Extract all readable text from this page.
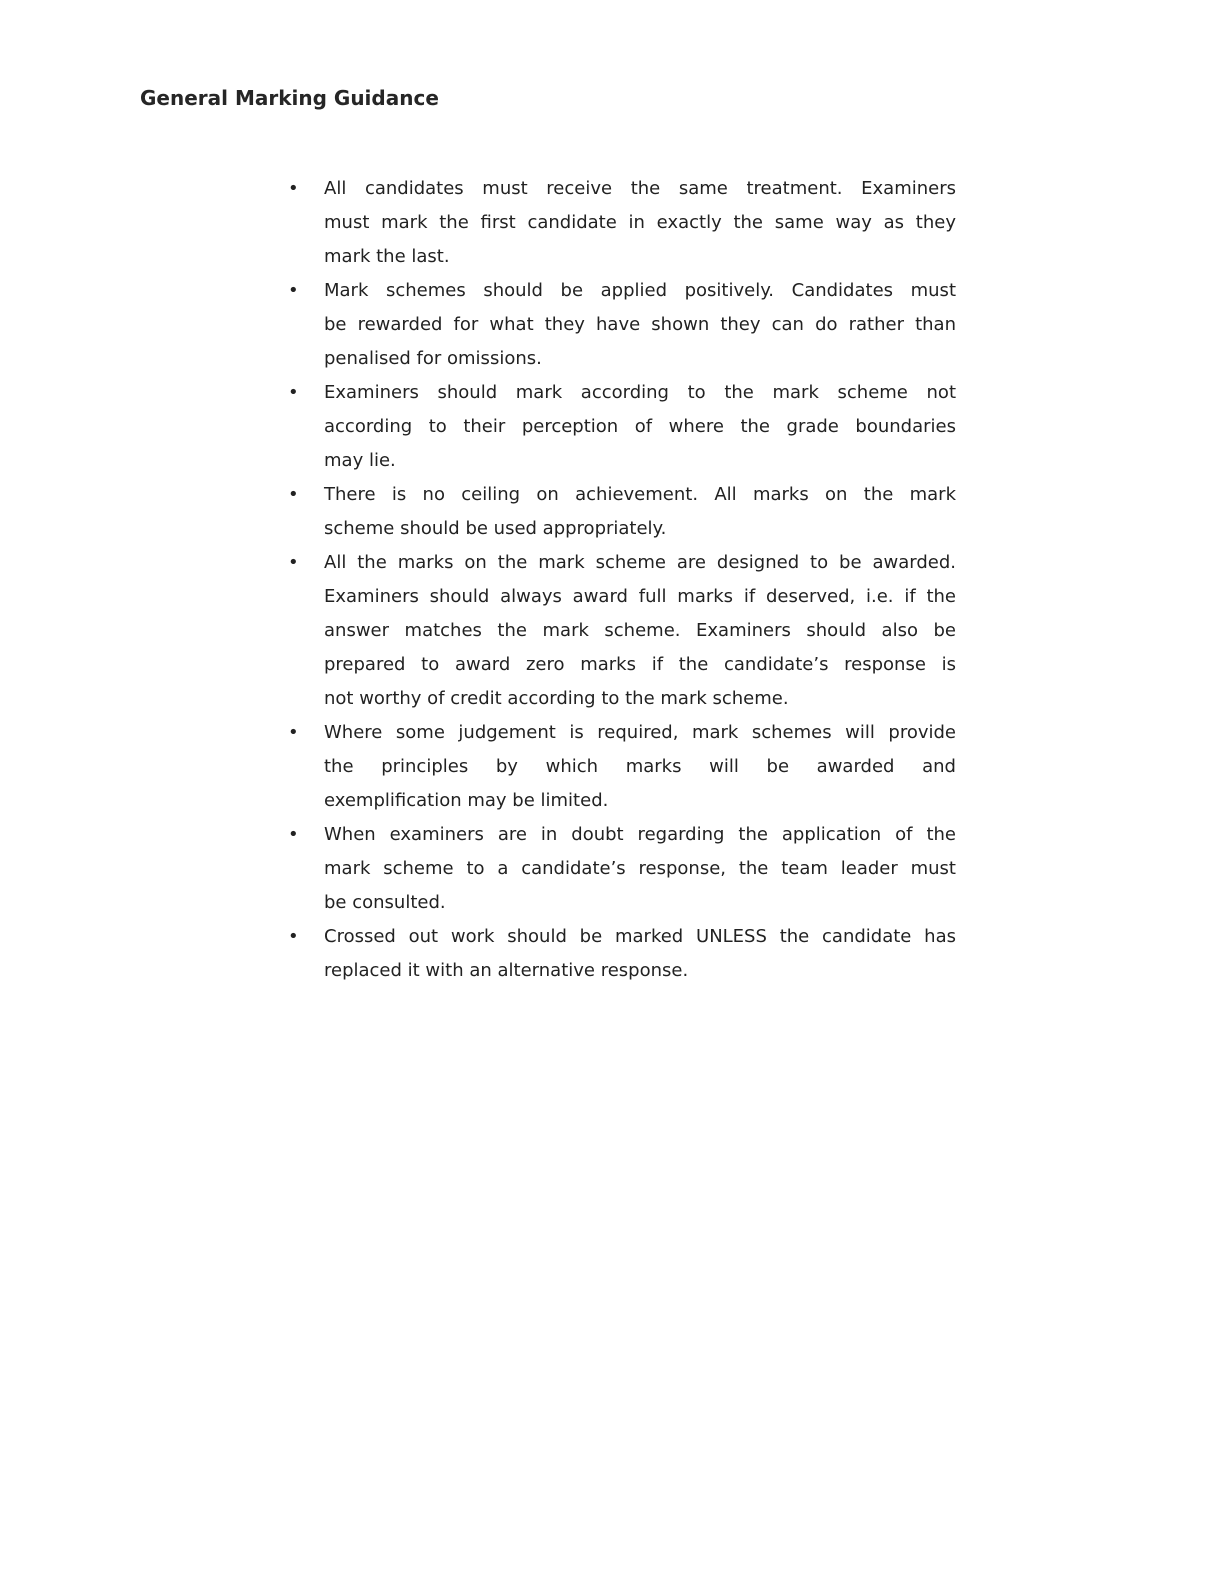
General Marking Guidance
• All candidates must receive the same treatment. Examiners
must mark the first candidate in exactly the same way as they
mark the last.
• Mark schemes should be applied positively. Candidates must
be rewarded for what they have shown they can do rather than
penalised for omissions.
• Examiners should mark according to the mark scheme not
according to their perception of where the grade boundaries
may lie.
• There is no ceiling on achievement. All marks on the mark
scheme should be used appropriately.
• All the marks on the mark scheme are designed to be awarded.
Examiners should always award full marks if deserved, i.e. if the
answer matches the mark scheme. Examiners should also be
prepared to award zero marks if the candidate’s response is
not worthy of credit according to the mark scheme.
• Where some judgement is required, mark schemes will provide
the principles by which marks will be awarded and
exemplification may be limited.
• When examiners are in doubt regarding the application of the
mark scheme to a candidate’s response, the team leader must
be consulted.
• Crossed out work should be marked UNLESS the candidate has
replaced it with an alternative response.
